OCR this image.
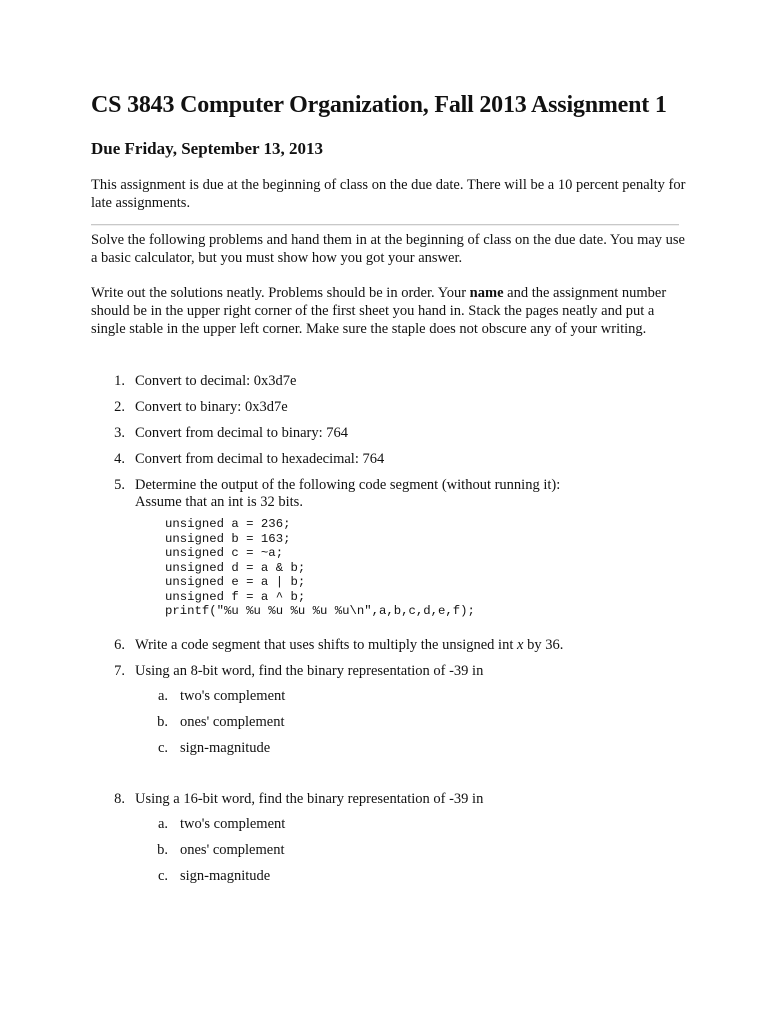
CS 3843 Computer Organization, Fall 2013 Assignment 1
Due Friday, September 13, 2013

This assignment is due at the beginning of class on the due date. There will be a 10 percent penalty for late assignments.

Solve the following problems and hand them in at the beginning of class on the due date. You may use a basic calculator, but you must show how you got your answer.

Write out the solutions neatly. Problems should be in order. Your name and the assignment number should be in the upper right corner of the first sheet you hand in. Stack the pages neatly and put a single stable in the upper left corner. Make sure the staple does not obscure any of your writing.

1. Convert to decimal: 0x3d7e
2. Convert to binary: 0x3d7e
3. Convert from decimal to binary: 764
4. Convert from decimal to hexadecimal: 764
5. Determine the output of the following code segment (without running it):
Assume that an int is 32 bits.
unsigned a = 236;
unsigned b = 163;
unsigned c = ~a;
unsigned d = a & b;
unsigned e = a | b;
unsigned f = a ^ b;
printf("%u %u %u %u %u %u\n",a,b,c,d,e,f);
6. Write a code segment that uses shifts to multiply the unsigned int x by 36.
7. Using an 8-bit word, find the binary representation of -39 in
a. two's complement
b. ones' complement
c. sign-magnitude
8. Using a 16-bit word, find the binary representation of -39 in
a. two's complement
b. ones' complement
c. sign-magnitude
